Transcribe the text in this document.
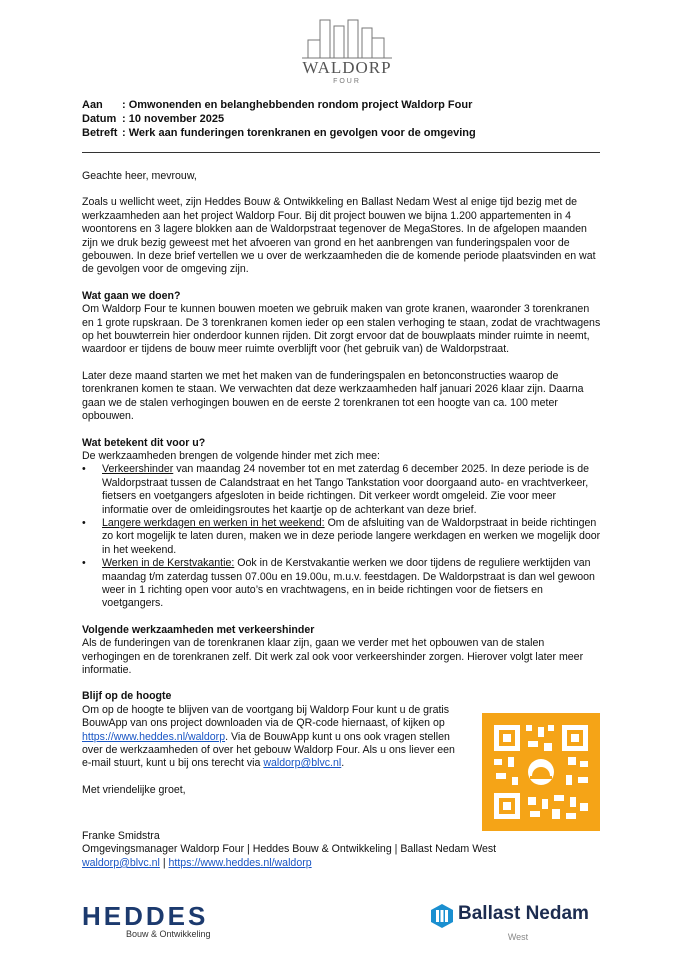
WALDORP
FOUR
Aan	: Omwonenden en belanghebbenden rondom project Waldorp Four
Datum : 10 november 2025
Betreft : Werk aan funderingen torenkranen en gevolgen voor de omgeving

Geachte heer, mevrouw,

Zoals u wellicht weet, zijn Heddes Bouw & Ontwikkeling en Ballast Nedam West al enige tijd bezig met de werkzaamheden aan het project Waldorp Four. Bij dit project bouwen we bijna 1.200 appartementen in 4 woontorens en 3 lagere blokken aan de Waldorpstraat tegenover de MegaStores. In de afgelopen maanden zijn we druk bezig geweest met het afvoeren van grond en het aanbrengen van funderingspalen voor de gebouwen. In deze brief vertellen we u over de werkzaamheden die de komende periode plaatsvinden en wat de gevolgen voor de omgeving zijn.

Wat gaan we doen?

Om Waldorp Four te kunnen bouwen moeten we gebruik maken van grote kranen, waaronder 3 torenkranen en 1 grote rupskraan. De 3 torenkranen komen ieder op een stalen verhoging te staan, zodat de vrachtwagens op het bouwterrein hier onderdoor kunnen rijden. Dit zorgt ervoor dat de bouwplaats minder ruimte in neemt, waardoor er tijdens de bouw meer ruimte overblijft voor (het gebruik van) de Waldorpstraat.

Later deze maand starten we met het maken van de funderingspalen en betonconstructies waarop de torenkranen komen te staan. We verwachten dat deze werkzaamheden half januari 2026 klaar zijn. Daarna gaan we de stalen verhogingen bouwen en de eerste 2 torenkranen tot een hoogte van ca. 100 meter opbouwen.

Wat betekent dit voor u?

De werkzaamheden brengen de volgende hinder met zich mee:

• Verkeershinder van maandag 24 november tot en met zaterdag 6 december 2025. In deze periode is de Waldorpstraat tussen de Calandstraat en het Tango Tankstation voor doorgaand auto- en vrachtverkeer, fietsers en voetgangers afgesloten in beide richtingen. Dit verkeer wordt omgeleid. Zie voor meer informatie over de omleidingsroutes het kaartje op de achterkant van deze brief.
• Langere werkdagen en werken in het weekend: Om de afsluiting van de Waldorpstraat in beide richtingen zo kort mogelijk te laten duren, maken we in deze periode langere werkdagen en werken we mogelijk door in het weekend.
• Werken in de Kerstvakantie: Ook in de Kerstvakantie werken we door tijdens de reguliere werktijden van maandag t/m zaterdag tussen 07.00u en 19.00u, m.u.v. feestdagen. De Waldorpstraat is dan wel gewoon weer in 1 richting open voor auto’s en vrachtwagens, en in beide richtingen voor de fietsers en voetgangers.

Volgende werkzaamheden met verkeershinder

Als de funderingen van de torenkranen klaar zijn, gaan we verder met het opbouwen van de stalen verhogingen en de torenkranen zelf. Dit werk zal ook voor verkeershinder zorgen. Hierover volgt later meer informatie.

Blijf op de hoogte

Om op de hoogte te blijven van de voortgang bij Waldorp Four kunt u de gratis BouwApp van ons project downloaden via de QR-code hiernaast, of kijken op https://www.heddes.nl/waldorp. Via de BouwApp kunt u ons ook vragen stellen over de werkzaamheden of over het gebouw Waldorp Four. Als u ons liever een e-mail stuurt, kunt u bij ons terecht via waldorp@blvc.nl.

Met vriendelijke groet,

Franke Smidstra
Omgevingsmanager Waldorp Four | Heddes Bouw & Ontwikkeling | Ballast Nedam West
waldorp@blvc.nl | https://www.heddes.nl/waldorp
HEDDES
Bouw & Ontwikkeling
Ballast Nedam
West
